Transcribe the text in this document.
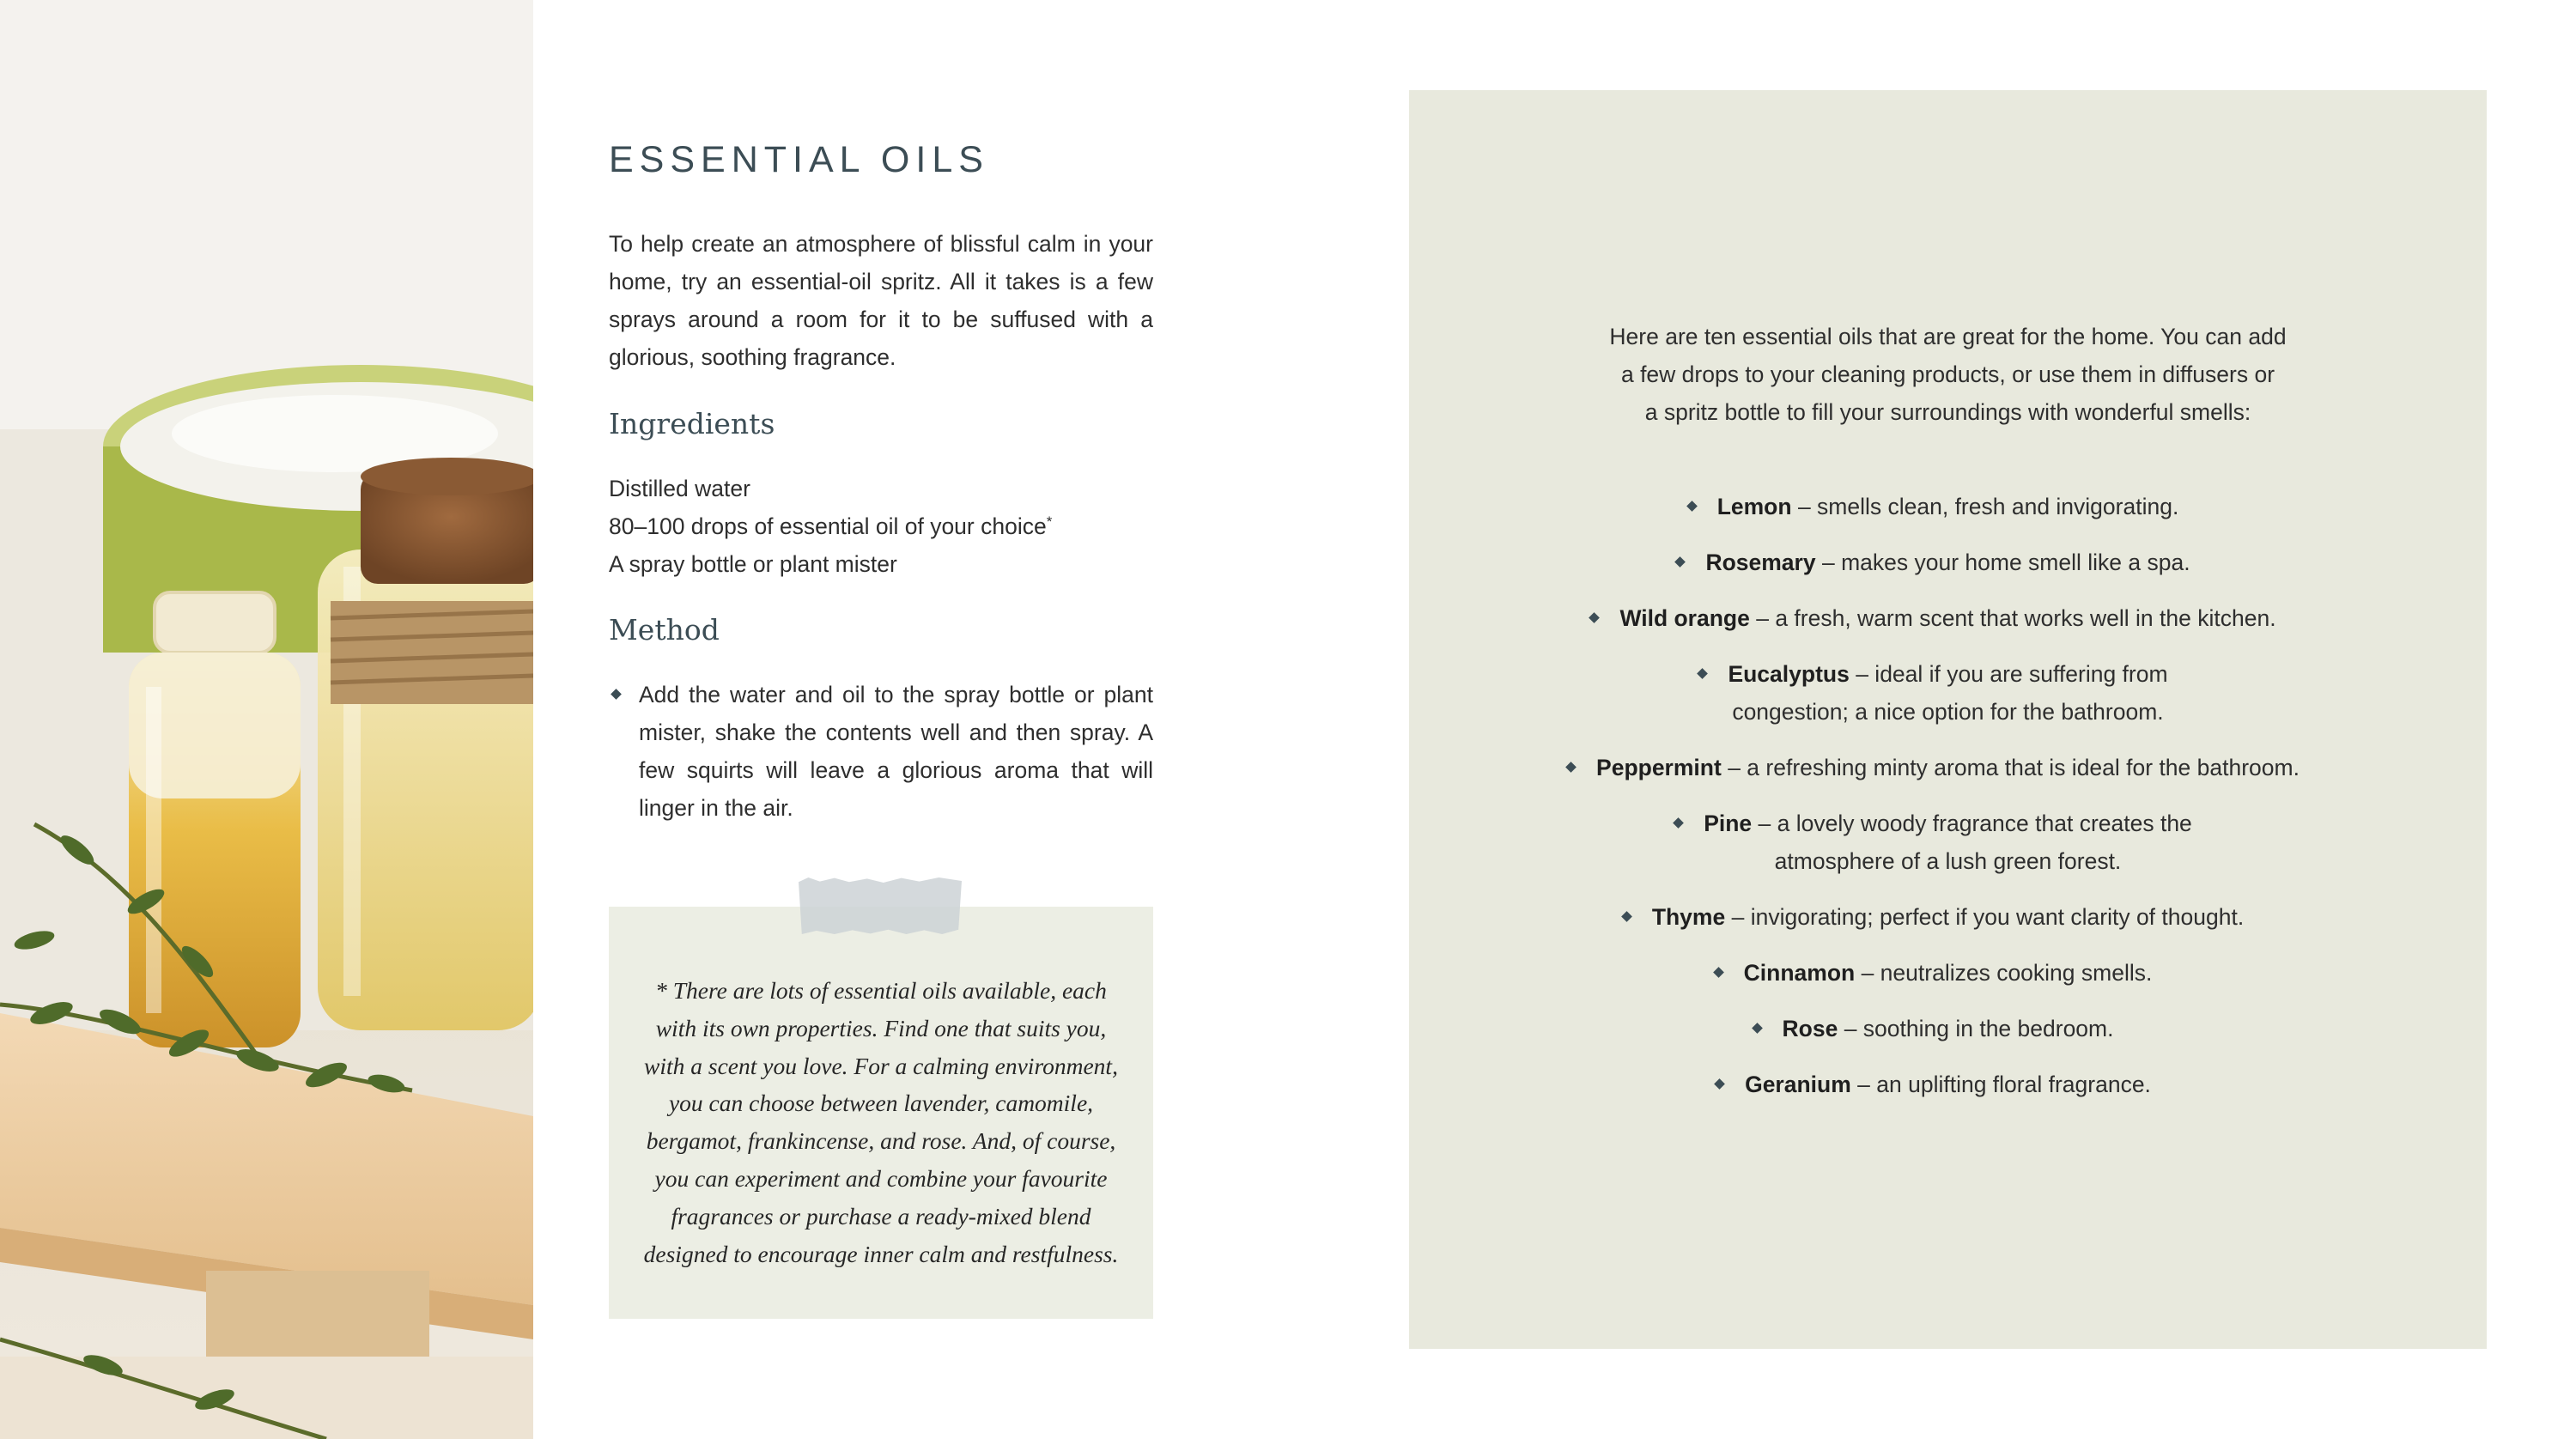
ESSENTIAL OILS

To help create an atmosphere of blissful calm in your home, try an essential-oil spritz. All it takes is a few sprays around a room for it to be suffused with a glorious, soothing fragrance.

Ingredients
Distilled water
80–100 drops of essential oil of your choice*
A spray bottle or plant mister
Method
Add the water and oil to the spray bottle or plant mister, shake the contents well and then spray. A few squirts will leave a glorious aroma that will linger in the air.

* There are lots of essential oils available, each
with its own properties. Find one that suits you,
with a scent you love. For a calming environment,
you can choose between lavender, camomile,
bergamot, frankincense, and rose. And, of course,
you can experiment and combine your favourite
fragrances or purchase a ready-mixed blend
designed to encourage inner calm and restfulness.

Here are ten essential oils that are great for the home. You can add
a few drops to your cleaning products, or use them in diffusers or
a spritz bottle to fill your surroundings with wonderful smells:

Lemon – smells clean, fresh and invigorating.
Rosemary – makes your home smell like a spa.
Wild orange – a fresh, warm scent that works well in the kitchen.
Eucalyptus – ideal if you are suffering from
congestion; a nice option for the bathroom.
Peppermint – a refreshing minty aroma that is ideal for the bathroom.
Pine – a lovely woody fragrance that creates the
atmosphere of a lush green forest.
Thyme – invigorating; perfect if you want clarity of thought.
Cinnamon – neutralizes cooking smells.
Rose – soothing in the bedroom.
Geranium – an uplifting floral fragrance.
